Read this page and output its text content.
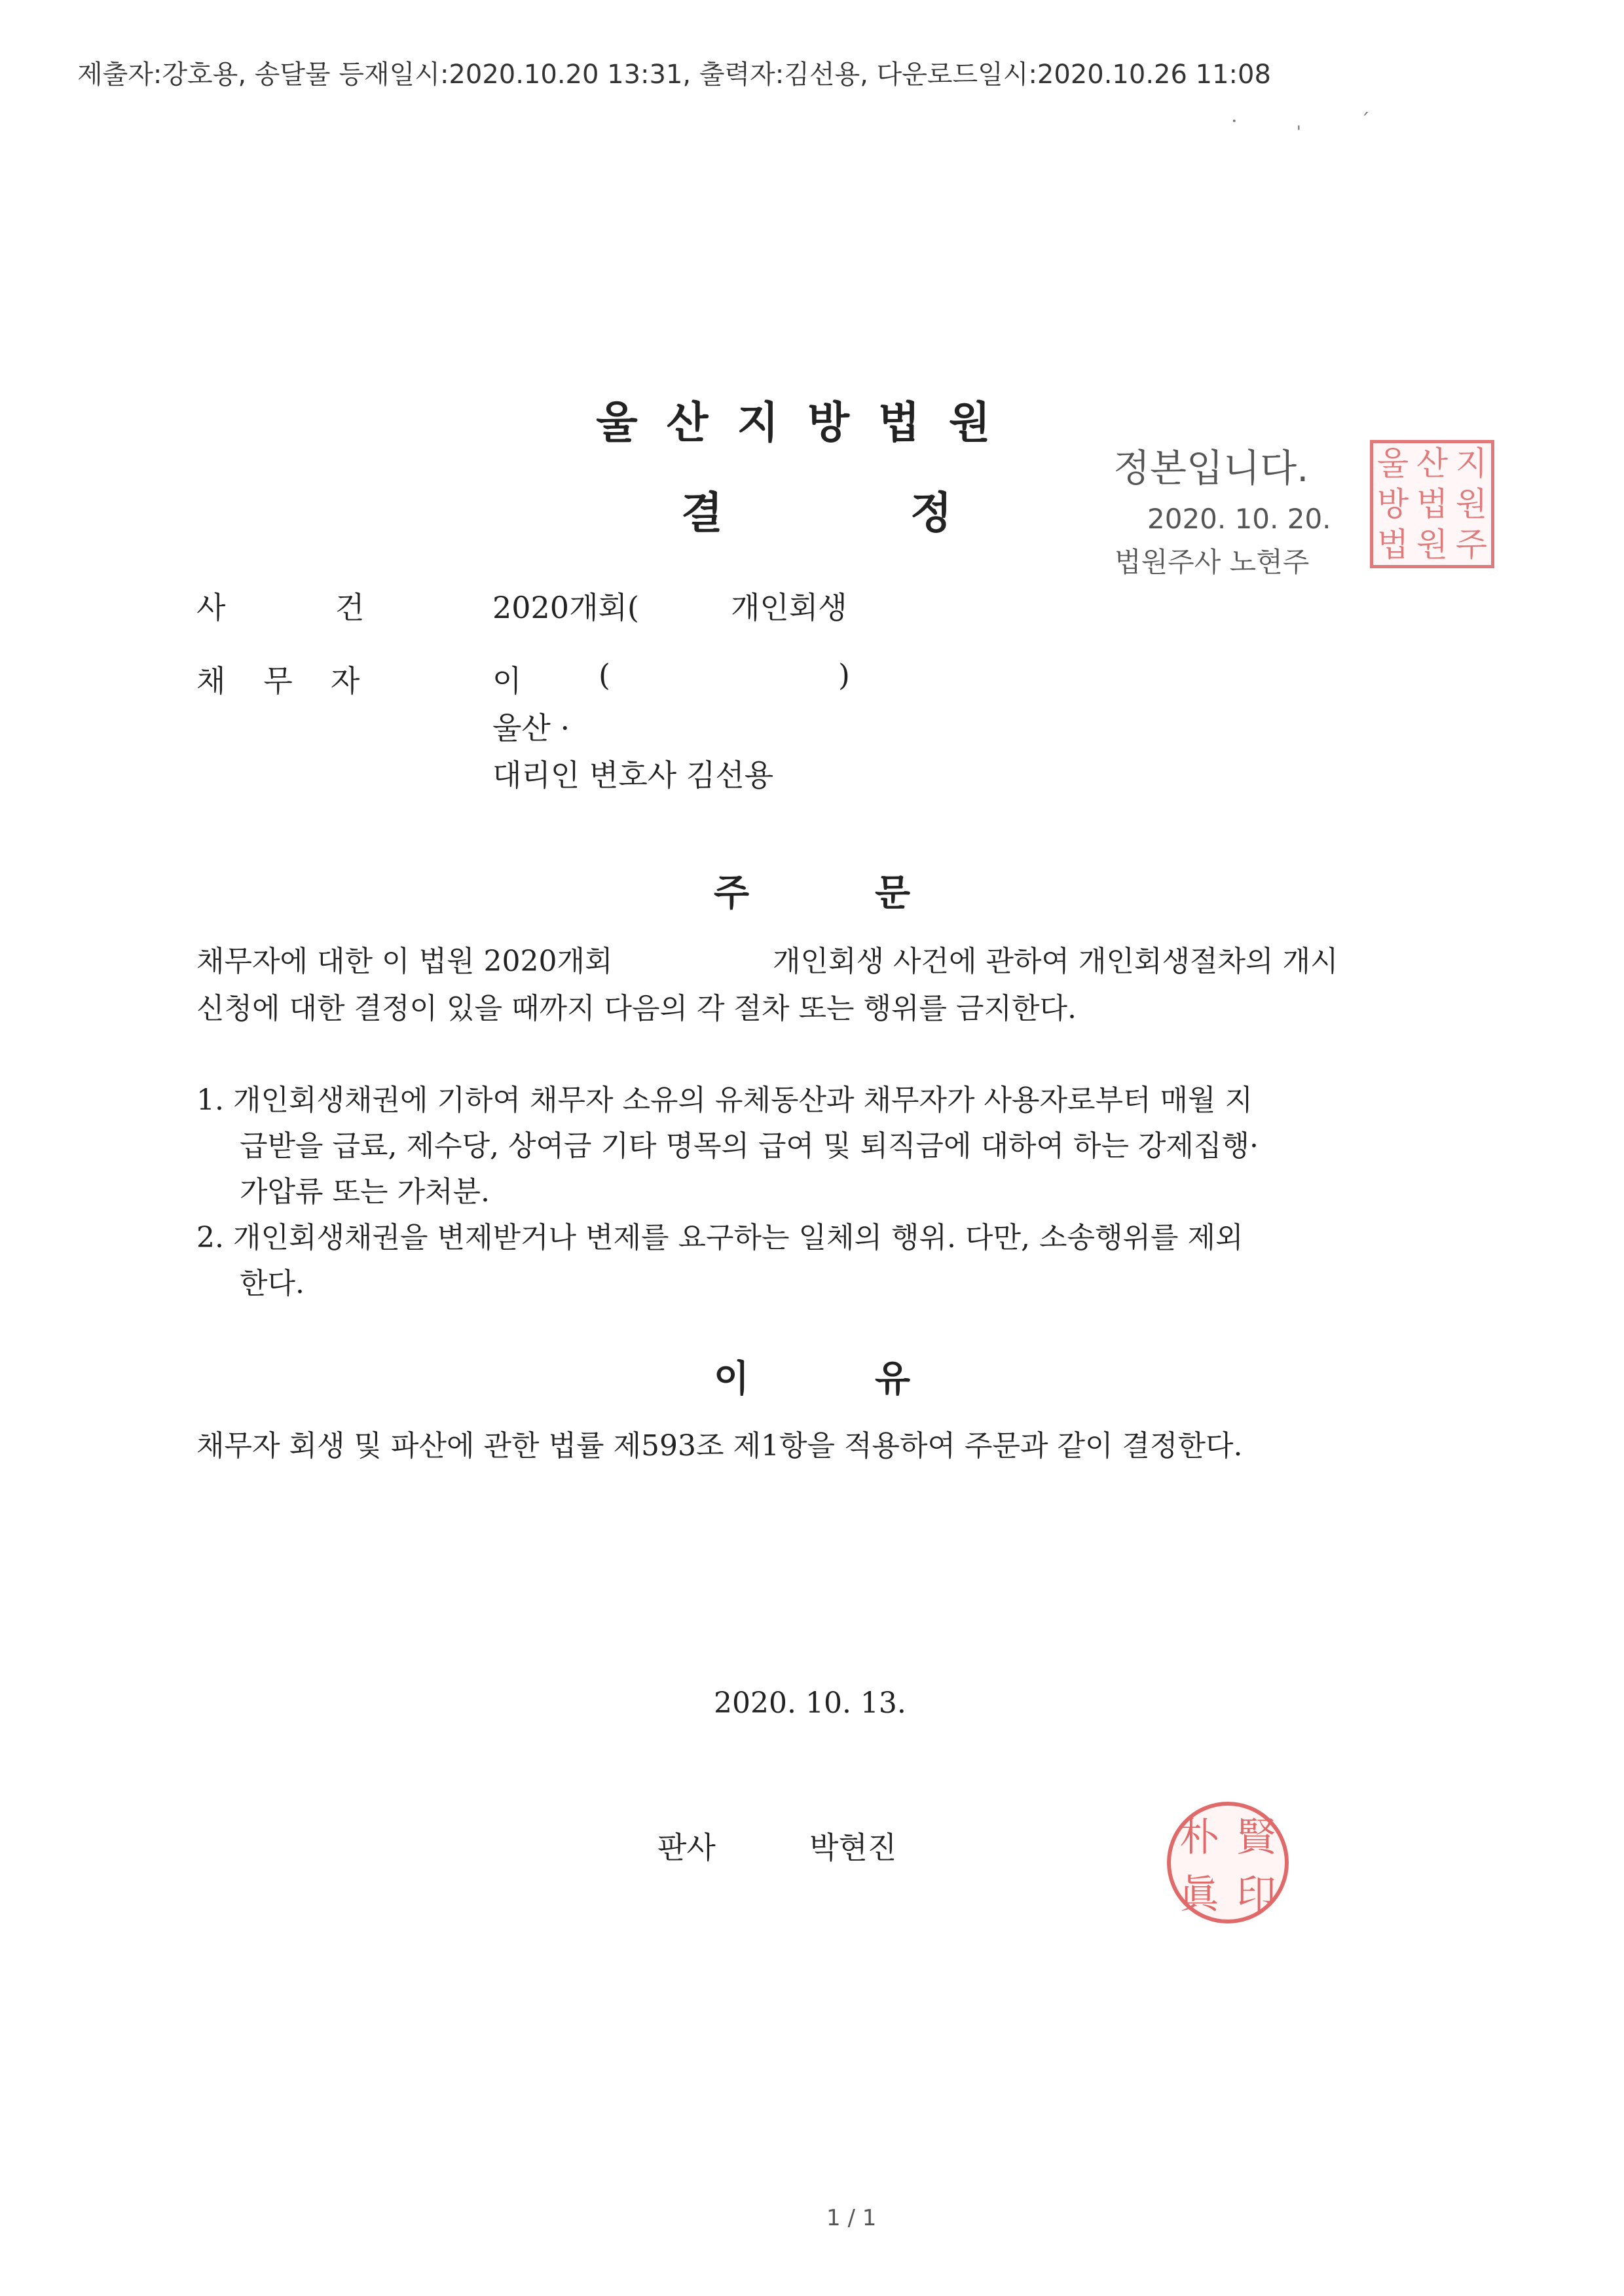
제출자:강호용, 송달물 등재일시:2020.10.20 13:31, 출력자:김선용, 다운로드일시:2020.10.26 11:08
· ˌ ˊ
울산지방법원
결	정
정본입니다.
2020. 10. 20.
법원주사 노현주
울 산 지
방 법 원
법 원 주
사	건	2020개회(	개인회생
채무자	이	(	)
울산 ·
대리인 변호사 김선용
주	문
채무자에 대한 이 법원 2020개회	개인회생 사건에 관하여 개인회생절차의 개시
신청에 대한 결정이 있을 때까지 다음의 각 절차 또는 행위를 금지한다.
1. 개인회생채권에 기하여 채무자 소유의 유체동산과 채무자가 사용자로부터 매월 지
급받을 급료, 제수당, 상여금 기타 명목의 급여 및 퇴직금에 대하여 하는 강제집행·
가압류 또는 가처분.
2. 개인회생채권을 변제받거나 변제를 요구하는 일체의 행위. 다만, 소송행위를 제외
한다.
이	유
채무자 회생 및 파산에 관한 법률 제593조 제1항을 적용하여 주문과 같이 결정한다.
2020. 10. 13.
판사	박현진	朴 賢
眞 印
1 / 1
